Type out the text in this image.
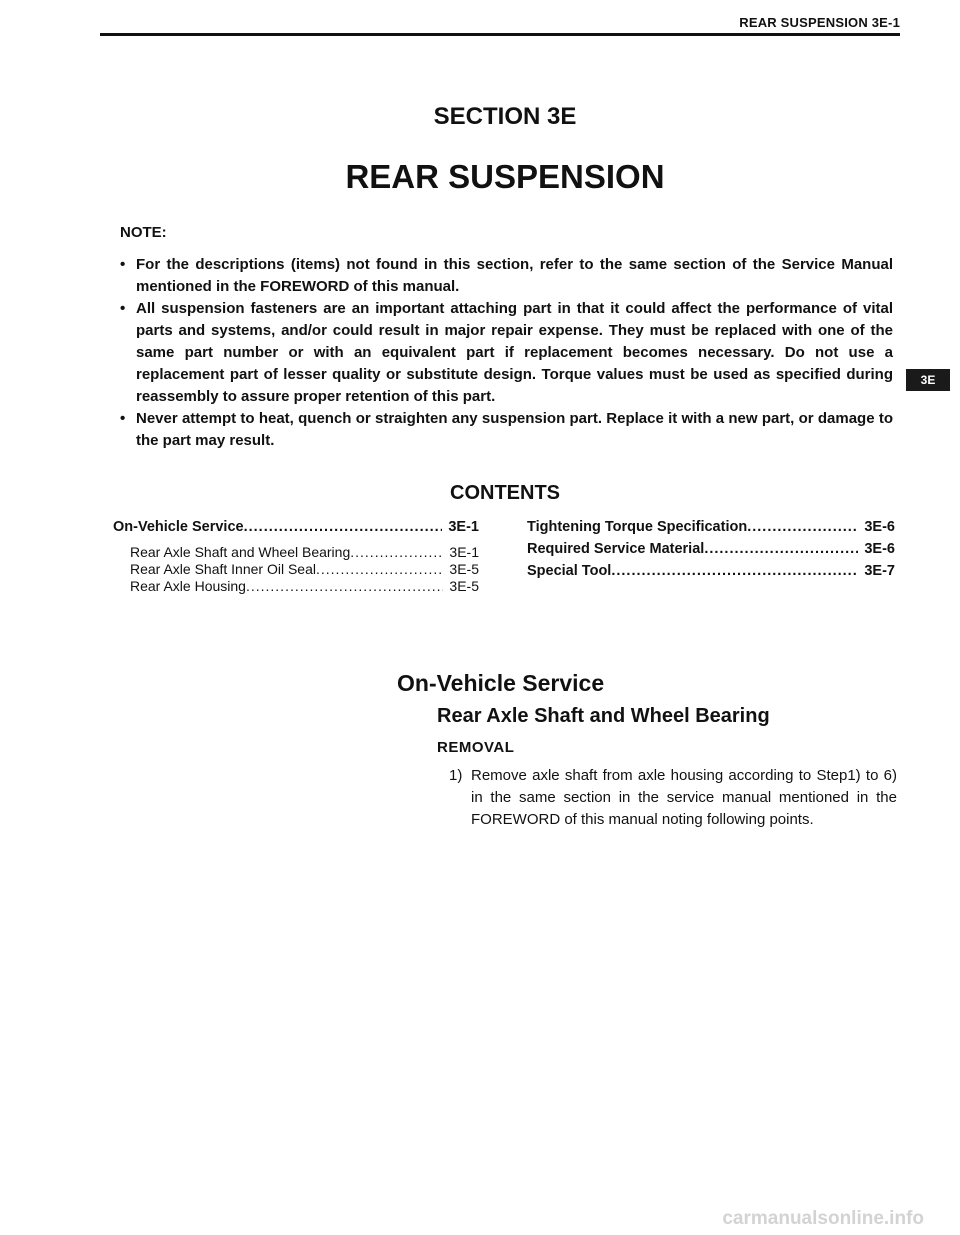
REAR SUSPENSION 3E-1
SECTION 3E
REAR SUSPENSION
NOTE:
• For the descriptions (items) not found in this section, refer to the same section of the Service Manual mentioned in the FOREWORD of this manual.
• All suspension fasteners are an important attaching part in that it could affect the performance of vital parts and systems, and/or could result in major repair expense. They must be replaced with one of the same part number or with an equivalent part if replacement becomes necessary. Do not use a replacement part of lesser quality or substitute design. Torque values must be used as specified during reassembly to assure proper retention of this part.
• Never attempt to heat, quench or straighten any suspension part. Replace it with a new part, or damage to the part may result.
3E
CONTENTS
On-Vehicle Service .....	3E-1
Rear Axle Shaft and Wheel Bearing .....	3E-1
Rear Axle Shaft Inner Oil Seal .....	3E-5
Rear Axle Housing .....	3E-5
Tightening Torque Specification .....	3E-6
Required Service Material .....	3E-6
Special Tool .....	3E-7
On-Vehicle Service
Rear Axle Shaft and Wheel Bearing
REMOVAL
1) Remove axle shaft from axle housing according to Step1) to 6) in the same section in the service manual mentioned in the FOREWORD of this manual noting following points.
carmanualsonline.info
